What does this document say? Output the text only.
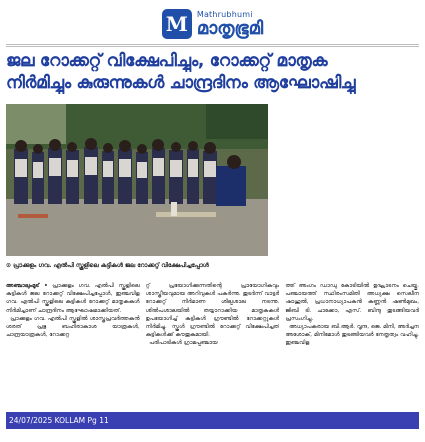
M Mathrubhumi
മാതൃഭൂമി
ജല റോക്കറ്റ് വിക്ഷേപിച്ചും, റോക്കറ്റ് മാതൃക
നിർമിച്ചും കുരുന്നുകൾ ചാന്ദ്രദിനം ആഘോഷിച്ചു
⊙ പ്രാക്കുളം ഗവ. എൽപി സ്കൂളിലെ കുട്ടികൾ ജല റോക്കറ്റ് വിക്ഷേപിച്ചപ്പോൾ
അഞ്ചാലുംമൂട് • പ്രാക്കുളം ഗവ. എൽപി സ്കൂളിലെ കുട്ടികൾ ജല റോക്കറ്റ് വിക്ഷേപിച്ചപ്പോൾ, ഇഞ്ചവിള ഗവ. എൽപി സ്കൂളിലെ കുട്ടികൾ റോക്കറ്റ് മാതൃകകൾ നിർമിച്ചാണ് ചാന്ദ്രദിനം ആഘോഷമാക്കിയത്.
പ്രാക്കുളം ഗവ. എൽപി സ്കൂളിൽ ശാസ്ത്രപ്രവർത്തകൻ ശരത് പ്രഭു ബഹിരാകാശ യാത്രകൾ, ചാന്ദ്രയാത്രകൾ, റോക്കറ്റ
റ്റ് പ്രയോഗിക്കുന്നതിന്റെ പ്രായോഗികവും ശാസ്ത്രീയവുമായ അറിവുകൾ പകർന്നു. തുടർന്ന് വാട്ടർ റോക്കറ്റ് നിർമാണ ശില്പശാല നടന്നു. ശിൽപശാലയിൽ തയ്യാറാക്കിയ മാതൃകകൾ ഉപയോഗിച്ച് കുട്ടികൾ ഗ്രൗണ്ടിൽ റോക്കറ്റുകൾ നിർമിച്ചു. സ്കൂൾ ഗ്രൗണ്ടിൽ റോക്കറ്റ് വിക്ഷേപിച്ചത് കുട്ടികൾക്ക് കൗതുകമായി.
പരിപാടികൾ ഗ്രാമപ്പഞ്ചായ
ത്ത് അംഗം ഡാഡു കോടിയിൽ ഉദ്ഘാടനം ചെയ്തു. പഞ്ചായത്ത് സ്ഥിരംസമിതി അധ്യക്ഷ സെലീന ഷാഹുൽ, പ്രധാനാധ്യാപകൻ കണ്ണൻ ഷൺമുഖം, ജിബി ടി. ചാക്കോ, എസ്. ബിന്ദു തുടങ്ങിയവർ പ്രസംഗിച്ചു.
അധ്യാപകരായ ബി.ആർ. വൃന്ദ, ജെ. മിനി, അർച്ചന അശോക്, മിനിമോൾ തുടങ്ങിയവർ നേതൃത്വം വഹിച്ചു. ഇഞ്ചവിള
24/07/2025 KOLLAM Pg 11
